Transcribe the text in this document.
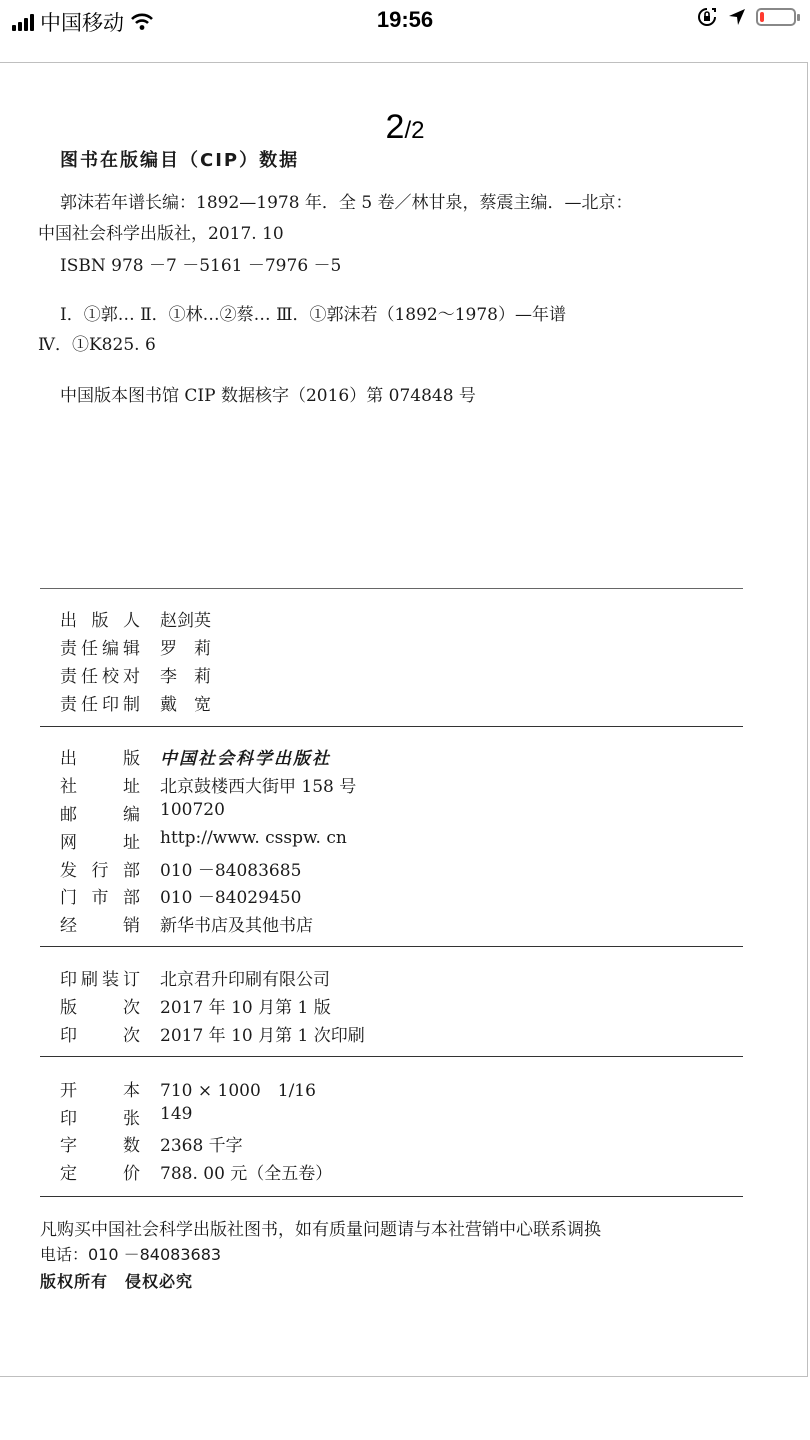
中国移动	19:56
2/2
图书在版编目（CIP）数据
郭沫若年谱长编：1892—1978 年．全 5 卷／林甘泉，蔡震主编．—北京：
中国社会科学出版社，2017. 10
ISBN 978 －7 －5161 －7976 －5
Ⅰ．①郭… Ⅱ．①林…②蔡… Ⅲ．①郭沫若（1892～1978）—年谱
Ⅳ．①K825. 6
中国版本图书馆 CIP 数据核字（2016）第 074848 号
出 版 人 赵剑英
责任编辑 罗　莉
责任校对 李　莉
责任印制 戴　宽
出　　版 中国社会科学出版社
社　　址 北京鼓楼西大街甲 158 号
邮　　编 100720
网　　址 http://www. csspw. cn
发 行 部 010 －84083685
门 市 部 010 －84029450
经　　销 新华书店及其他书店
印刷装订 北京君升印刷有限公司
版　　次 2017 年 10 月第 1 版
印　　次 2017 年 10 月第 1 次印刷
开　　本 710 × 1000　1/16
印　　张 149
字　　数 2368 千字
定　　价 788. 00 元（全五卷）
凡购买中国社会科学出版社图书，如有质量问题请与本社营销中心联系调换
电话：010 －84083683
版权所有　侵权必究
